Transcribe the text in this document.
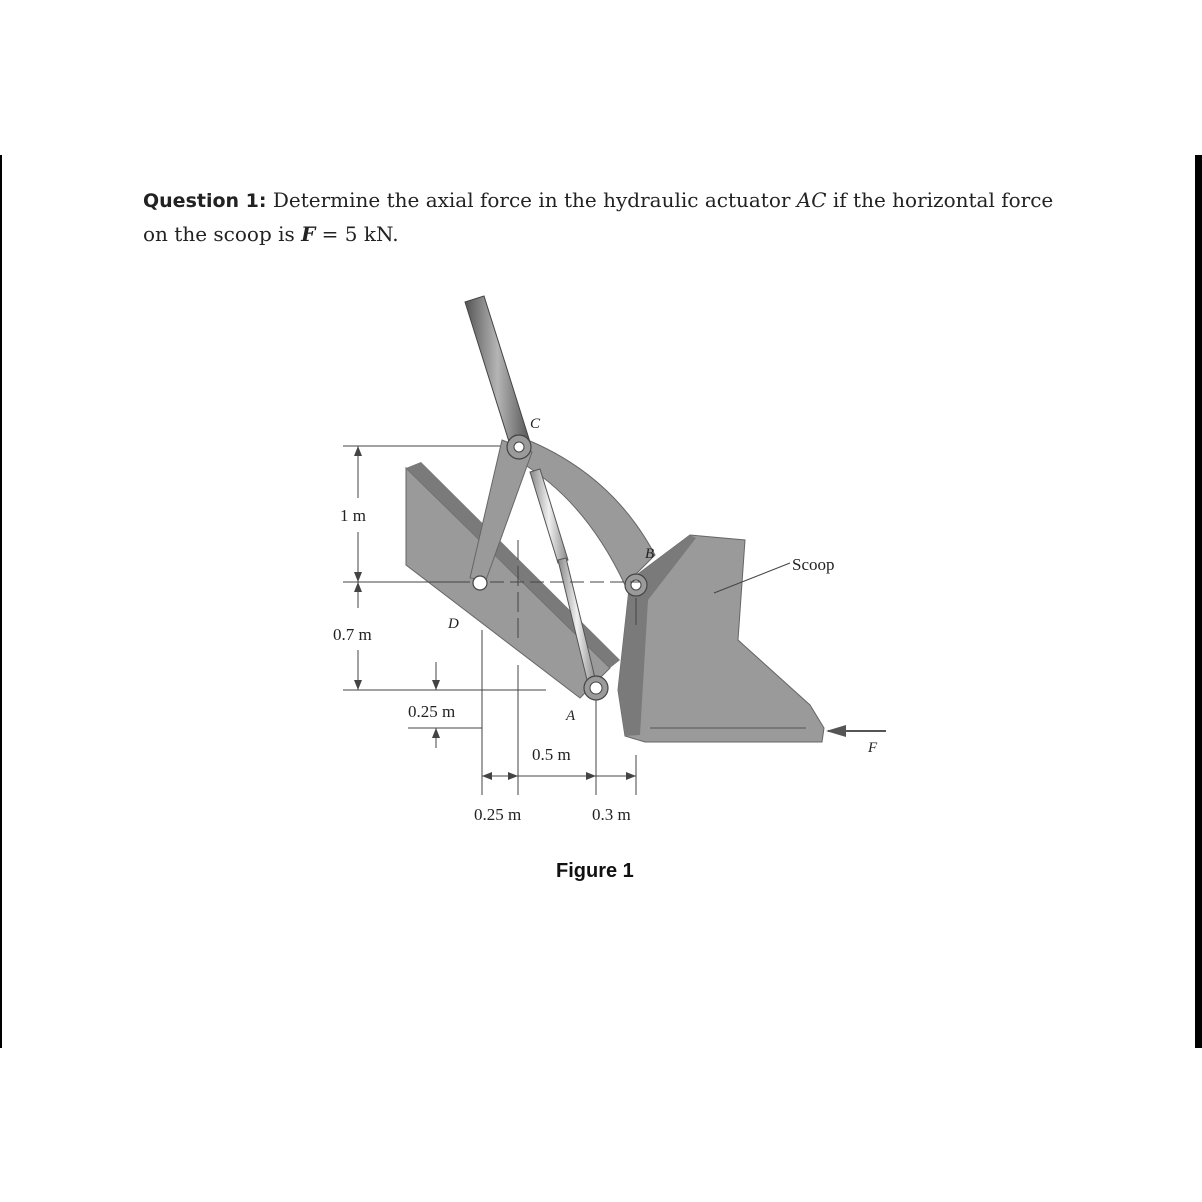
Question 1: Determine the axial force in the hydraulic actuator AC if the horizontal force on the scoop is F = 5 kN.
C
B
D
A
Scoop
F
1 m
0.7 m
0.25 m
0.5 m
0.25 m	0.3 m
Figure 1
